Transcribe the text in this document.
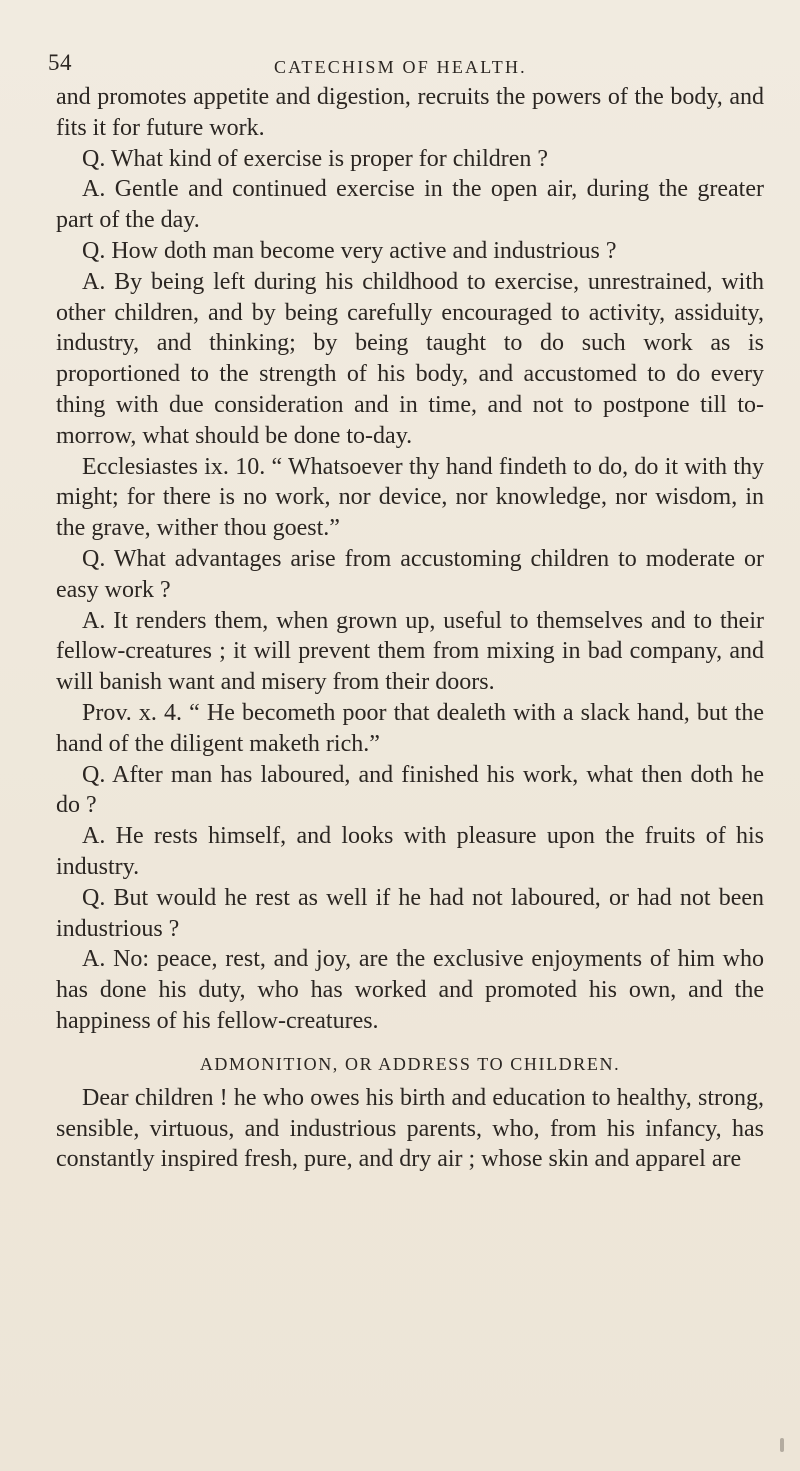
54	CATECHISM OF HEALTH.

and promotes appetite and digestion, recruits the powers of the body, and fits it for future work.

Q. What kind of exercise is proper for children ?

A. Gentle and continued exercise in the open air, during the greater part of the day.

Q. How doth man become very active and industrious ?

A. By being left during his childhood to exercise, unrestrained, with other children, and by being carefully encouraged to activity, assiduity, industry, and thinking; by being taught to do such work as is proportioned to the strength of his body, and accustomed to do every thing with due consideration and in time, and not to postpone till to-morrow, what should be done to-day.

Ecclesiastes ix. 10. “ Whatsoever thy hand findeth to do, do it with thy might; for there is no work, nor device, nor knowledge, nor wisdom, in the grave, wither thou goest.”

Q. What advantages arise from accustoming children to moderate or easy work ?

A. It renders them, when grown up, useful to themselves and to their fellow-creatures ; it will prevent them from mixing in bad company, and will banish want and misery from their doors.

Prov. x. 4. “ He becometh poor that dealeth with a slack hand, but the hand of the diligent maketh rich.”

Q. After man has laboured, and finished his work, what then doth he do ?

A. He rests himself, and looks with pleasure upon the fruits of his industry.

Q. But would he rest as well if he had not laboured, or had not been industrious ?

A. No: peace, rest, and joy, are the exclusive enjoyments of him who has done his duty, who has worked and promoted his own, and the happiness of his fellow-creatures.

ADMONITION, OR ADDRESS TO CHILDREN.

Dear children ! he who owes his birth and education to healthy, strong, sensible, virtuous, and industrious parents, who, from his infancy, has constantly inspired fresh, pure, and dry air ; whose skin and apparel are
